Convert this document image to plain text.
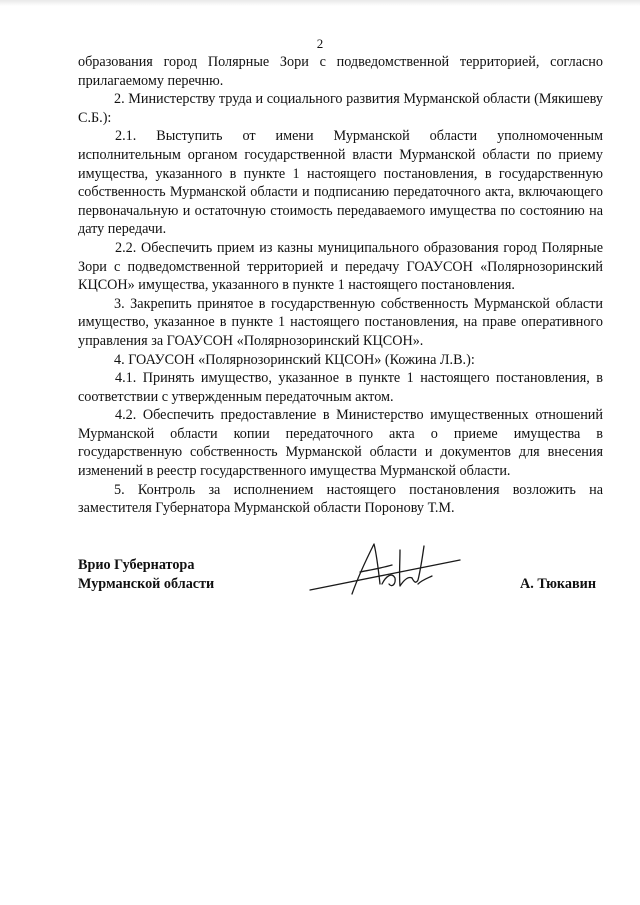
2

образования город Полярные Зори с подведомственной территорией, согласно прилагаемому перечню.

2. Министерству труда и социального развития Мурманской области (Мякишеву С.Б.):

2.1. Выступить от имени Мурманской области уполномоченным исполнительным органом государственной власти Мурманской области по приему имущества, указанного в пункте 1 настоящего постановления, в государственную собственность Мурманской области и подписанию передаточного акта, включающего первоначальную и остаточную стоимость передаваемого имущества по состоянию на дату передачи.

2.2. Обеспечить прием из казны муниципального образования город Полярные Зори с подведомственной территорией и передачу ГОАУСОН «Полярнозоринский КЦСОН» имущества, указанного в пункте 1 настоящего постановления.

3. Закрепить принятое в государственную собственность Мурманской области имущество, указанное в пункте 1 настоящего постановления, на праве оперативного управления за ГОАУСОН «Полярнозоринский КЦСОН».

4. ГОАУСОН «Полярнозоринский КЦСОН» (Кожина Л.В.):

4.1. Принять имущество, указанное в пункте 1 настоящего постановления, в соответствии с утвержденным передаточным актом.

4.2. Обеспечить предоставление в Министерство имущественных отношений Мурманской области копии передаточного акта о приеме имущества в государственную собственность Мурманской области и документов для внесения изменений в реестр государственного имущества Мурманской области.

5. Контроль за исполнением настоящего постановления возложить на заместителя Губернатора Мурманской области Поронову Т.М.

Врио Губернатора
Мурманской области	А. Тюкавин
